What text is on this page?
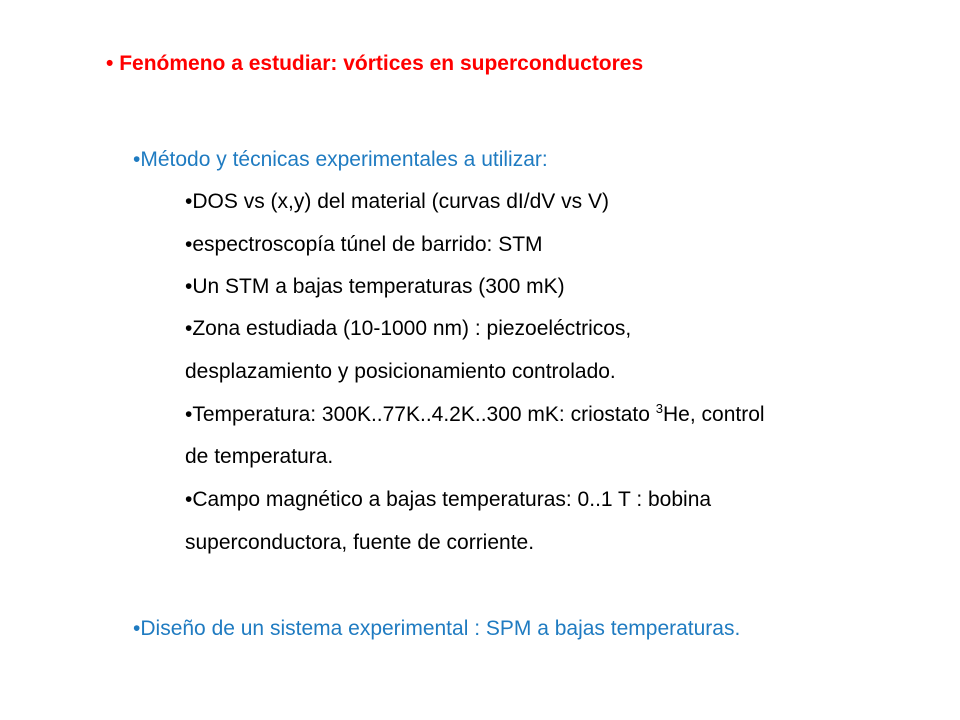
• Fenómeno a estudiar: vórtices en superconductores
•Método y técnicas experimentales a utilizar:
•DOS vs (x,y) del material (curvas dI/dV vs V)
•espectroscopía túnel de barrido: STM
•Un STM a bajas temperaturas (300 mK)
•Zona estudiada (10-1000 nm) : piezoeléctricos,
desplazamiento y posicionamiento controlado.
•Temperatura: 300K..77K..4.2K..300 mK: criostato $^3$He, control
de temperatura.
•Campo magnético a bajas temperaturas: 0..1 T : bobina
superconductora, fuente de corriente.
•Diseño de un sistema experimental : SPM a bajas temperaturas.
